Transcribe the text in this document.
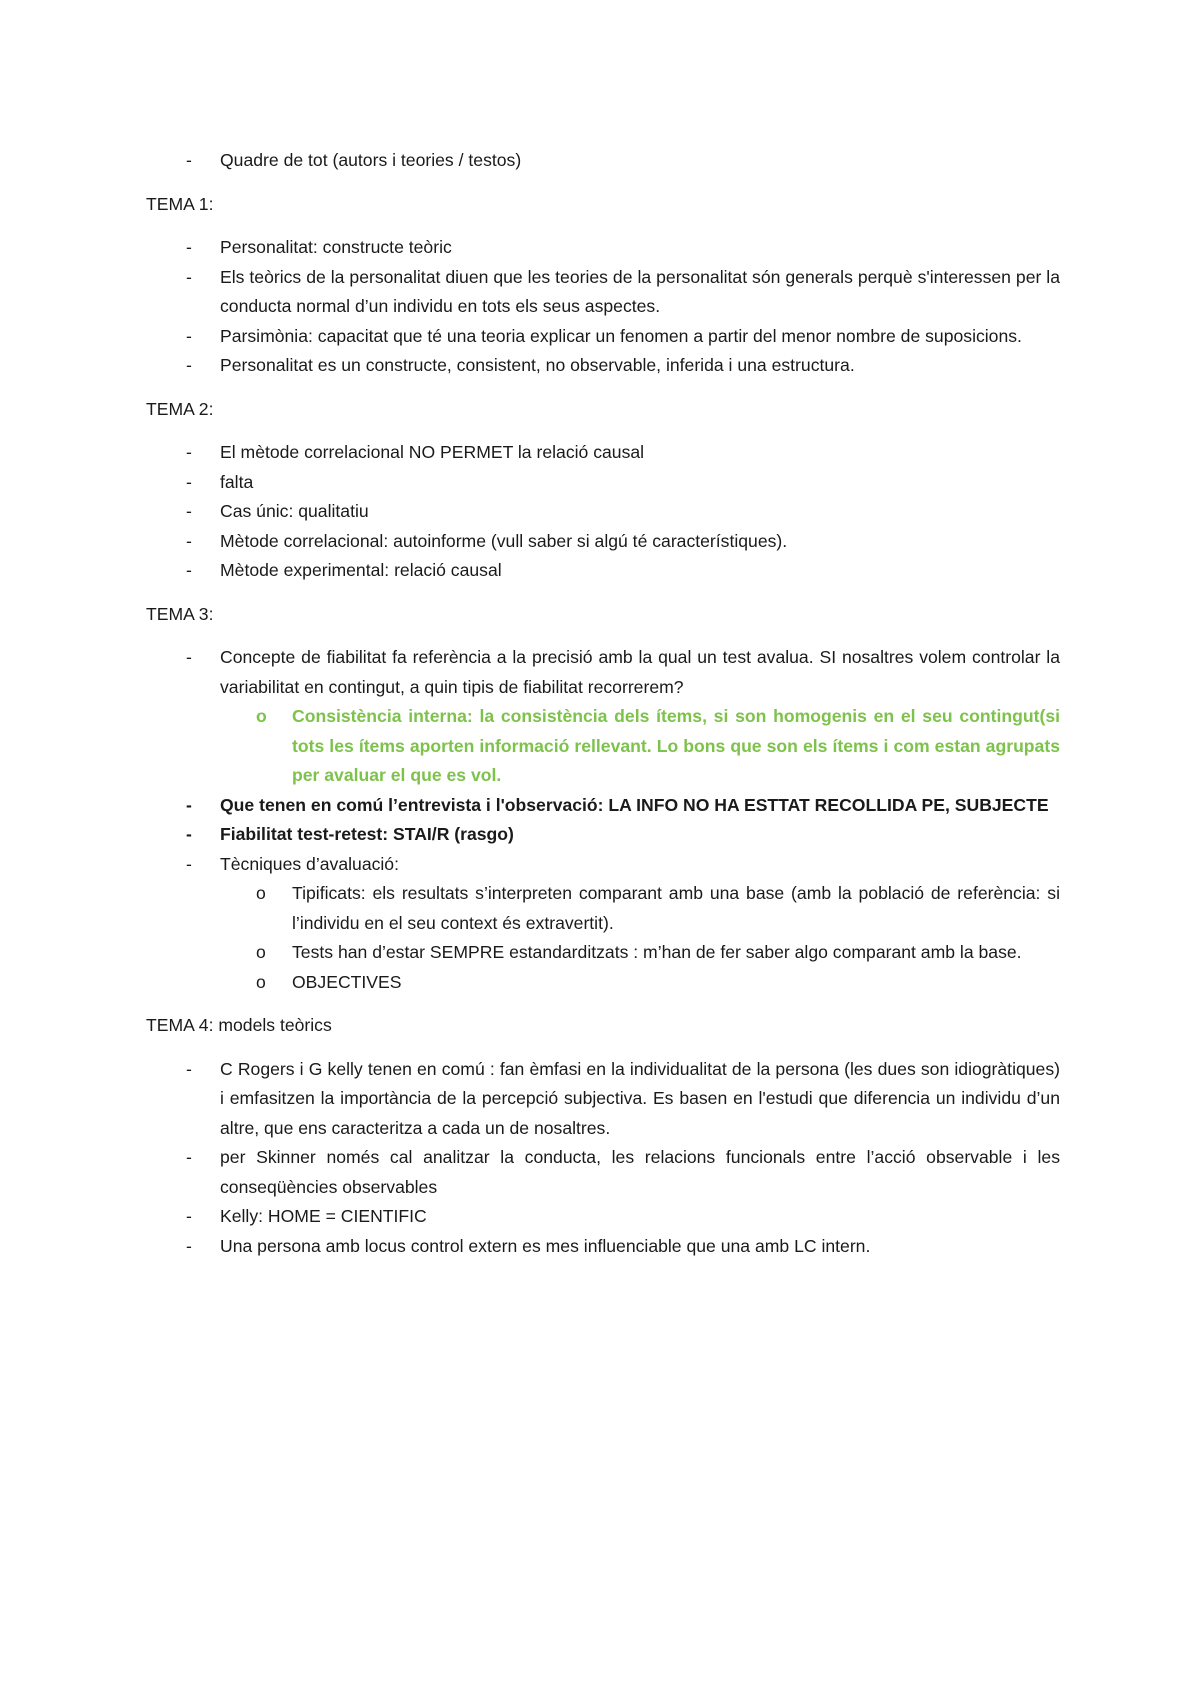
- Quadre de tot (autors i teories / testos)
TEMA 1:
- Personalitat: constructe teòric
- Els teòrics de la personalitat diuen que les teories de la personalitat són generals perquè s'interessen per la conducta normal d’un individu en tots els seus aspectes.
- Parsimònia: capacitat que té una teoria explicar un fenomen a partir del menor nombre de suposicions.
- Personalitat es un constructe, consistent, no observable, inferida i una estructura.
TEMA 2:
- El mètode correlacional NO PERMET la relació causal
- falta
- Cas únic: qualitatiu
- Mètode correlacional: autoinforme (vull saber si algú té característiques).
- Mètode experimental: relació causal
TEMA 3:
- Concepte de fiabilitat fa referència a la precisió amb la qual un test avalua. SI nosaltres volem controlar la variabilitat en contingut, a quin tipis de fiabilitat recorrerem?
o Consistència interna: la consistència dels ítems, si son homogenis en el seu contingut(si tots les ítems aporten informació rellevant. Lo bons que son els ítems i com estan agrupats per avaluar el que es vol.
- Que tenen en comú l’entrevista i l'observació: LA INFO NO HA ESTTAT RECOLLIDA PE, SUBJECTE
- Fiabilitat test-retest: STAI/R (rasgo)
- Tècniques d’avaluació:
o Tipificats: els resultats s’interpreten comparant amb una base (amb la població de referència: si l’individu en el seu context és extravertit).
o Tests han d’estar SEMPRE estandarditzats : m’han de fer saber algo comparant amb la base.
o OBJECTIVES
TEMA 4: models teòrics
- C Rogers i G kelly tenen en comú : fan èmfasi en la individualitat de la persona (les dues son idiogràtiques) i emfasitzen la importància de la percepció subjectiva. Es basen en l'estudi que diferencia un individu d’un altre, que ens caracteritza a cada un de nosaltres.
- per Skinner només cal analitzar la conducta, les relacions funcionals entre l’acció observable i les conseqüències observables
- Kelly: HOME = CIENTIFIC
- Una persona amb locus control extern es mes influenciable que una amb LC intern.
